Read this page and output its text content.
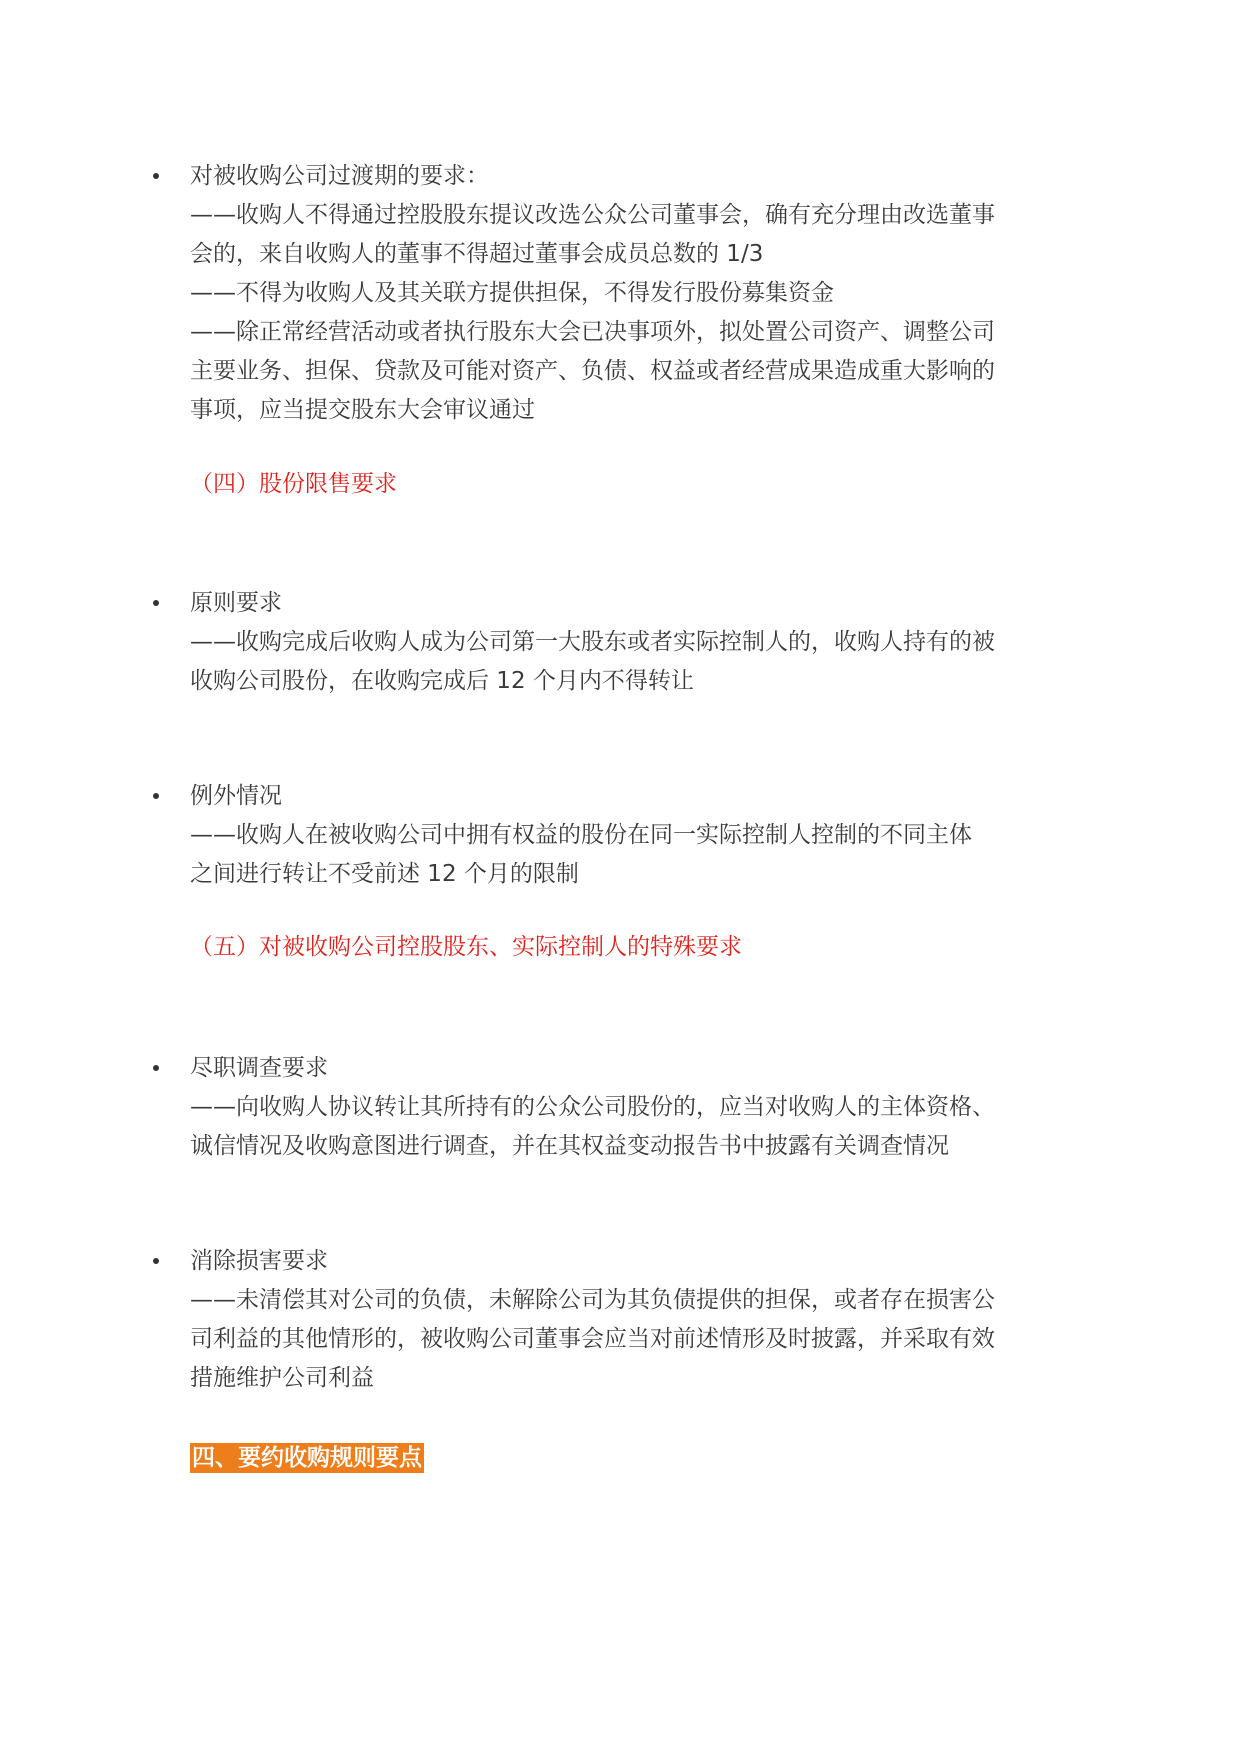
对被收购公司过渡期的要求：
——收购人不得通过控股股东提议改选公众公司董事会，确有充分理由改选董事
会的，来自收购人的董事不得超过董事会成员总数的 1/3
——不得为收购人及其关联方提供担保，不得发行股份募集资金
——除正常经营活动或者执行股东大会已决事项外，拟处置公司资产、调整公司
主要业务、担保、贷款及可能对资产、负债、权益或者经营成果造成重大影响的
事项，应当提交股东大会审议通过
（四）股份限售要求
原则要求
——收购完成后收购人成为公司第一大股东或者实际控制人的，收购人持有的被
收购公司股份，在收购完成后 12 个月内不得转让
例外情况
——收购人在被收购公司中拥有权益的股份在同一实际控制人控制的不同主体
之间进行转让不受前述 12 个月的限制
（五）对被收购公司控股股东、实际控制人的特殊要求
尽职调查要求
——向收购人协议转让其所持有的公众公司股份的，应当对收购人的主体资格、
诚信情况及收购意图进行调查，并在其权益变动报告书中披露有关调查情况
消除损害要求
——未清偿其对公司的负债，未解除公司为其负债提供的担保，或者存在损害公
司利益的其他情形的，被收购公司董事会应当对前述情形及时披露，并采取有效
措施维护公司利益
四、要约收购规则要点
